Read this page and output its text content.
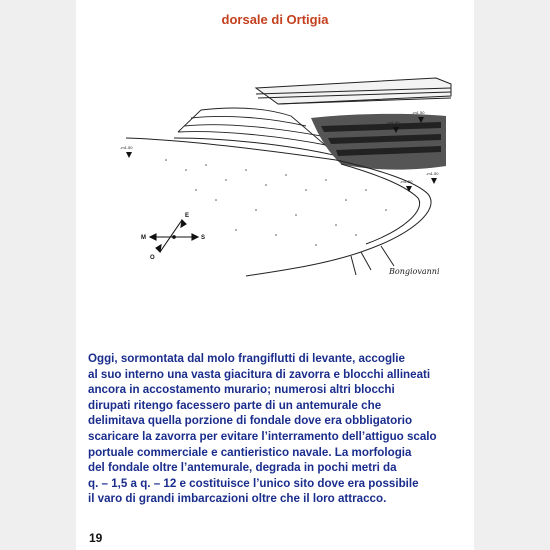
dorsale di Ortigia
-m1.50
-m1.50
-m1.50
-m1.50
-m1.50
E
M	S
O
Bongiovanni
Oggi, sormontata dal molo frangiflutti di levante, accoglie
al suo interno una vasta giacitura di zavorra e blocchi allineati
ancora in accostamento murario; numerosi altri blocchi
dirupati ritengo facessero parte di un antemurale che
delimitava quella porzione di fondale dove era obbligatorio
scaricare la zavorra per evitare l’interramento dell’attiguo scalo
portuale commerciale e cantieristico navale. La morfologia
del fondale oltre l’antemurale, degrada in pochi metri da
q. – 1,5 a q. – 12 e costituisce l’unico sito dove era possibile
il varo di grandi imbarcazioni oltre che il loro attracco.
19
